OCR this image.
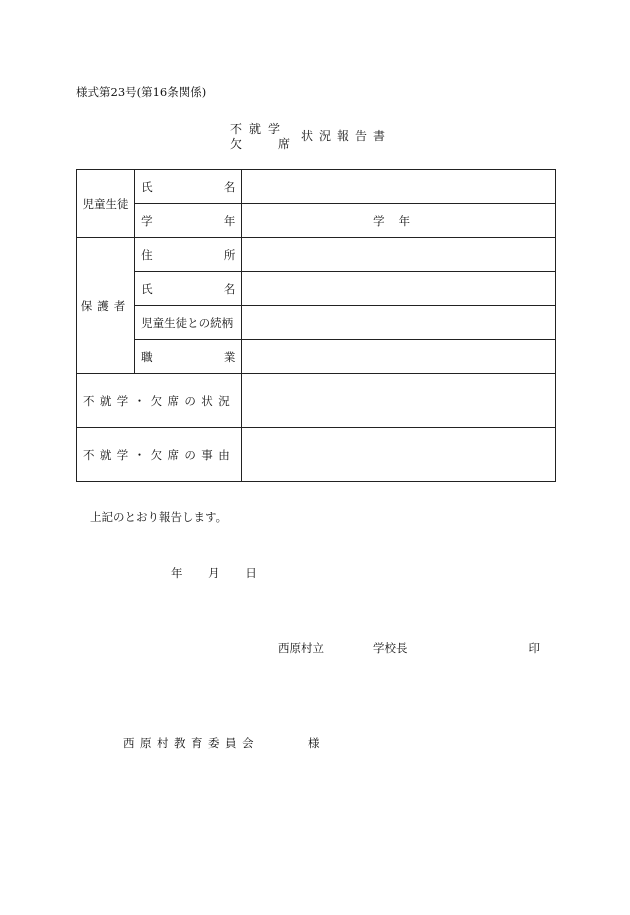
様式第23号(第16条関係)
不就学
欠	席
状況報告書
児童生徒	氏 名	

	学 年	学年
保護者	住 所	

	氏 名	

	児童生徒との続柄	

	職 業	

不就学・欠席の状況		
不就学・欠席の事由		
上記のとおり報告します。
年 月 日
西原村立	学校長	印
西原村教育委員会	様
